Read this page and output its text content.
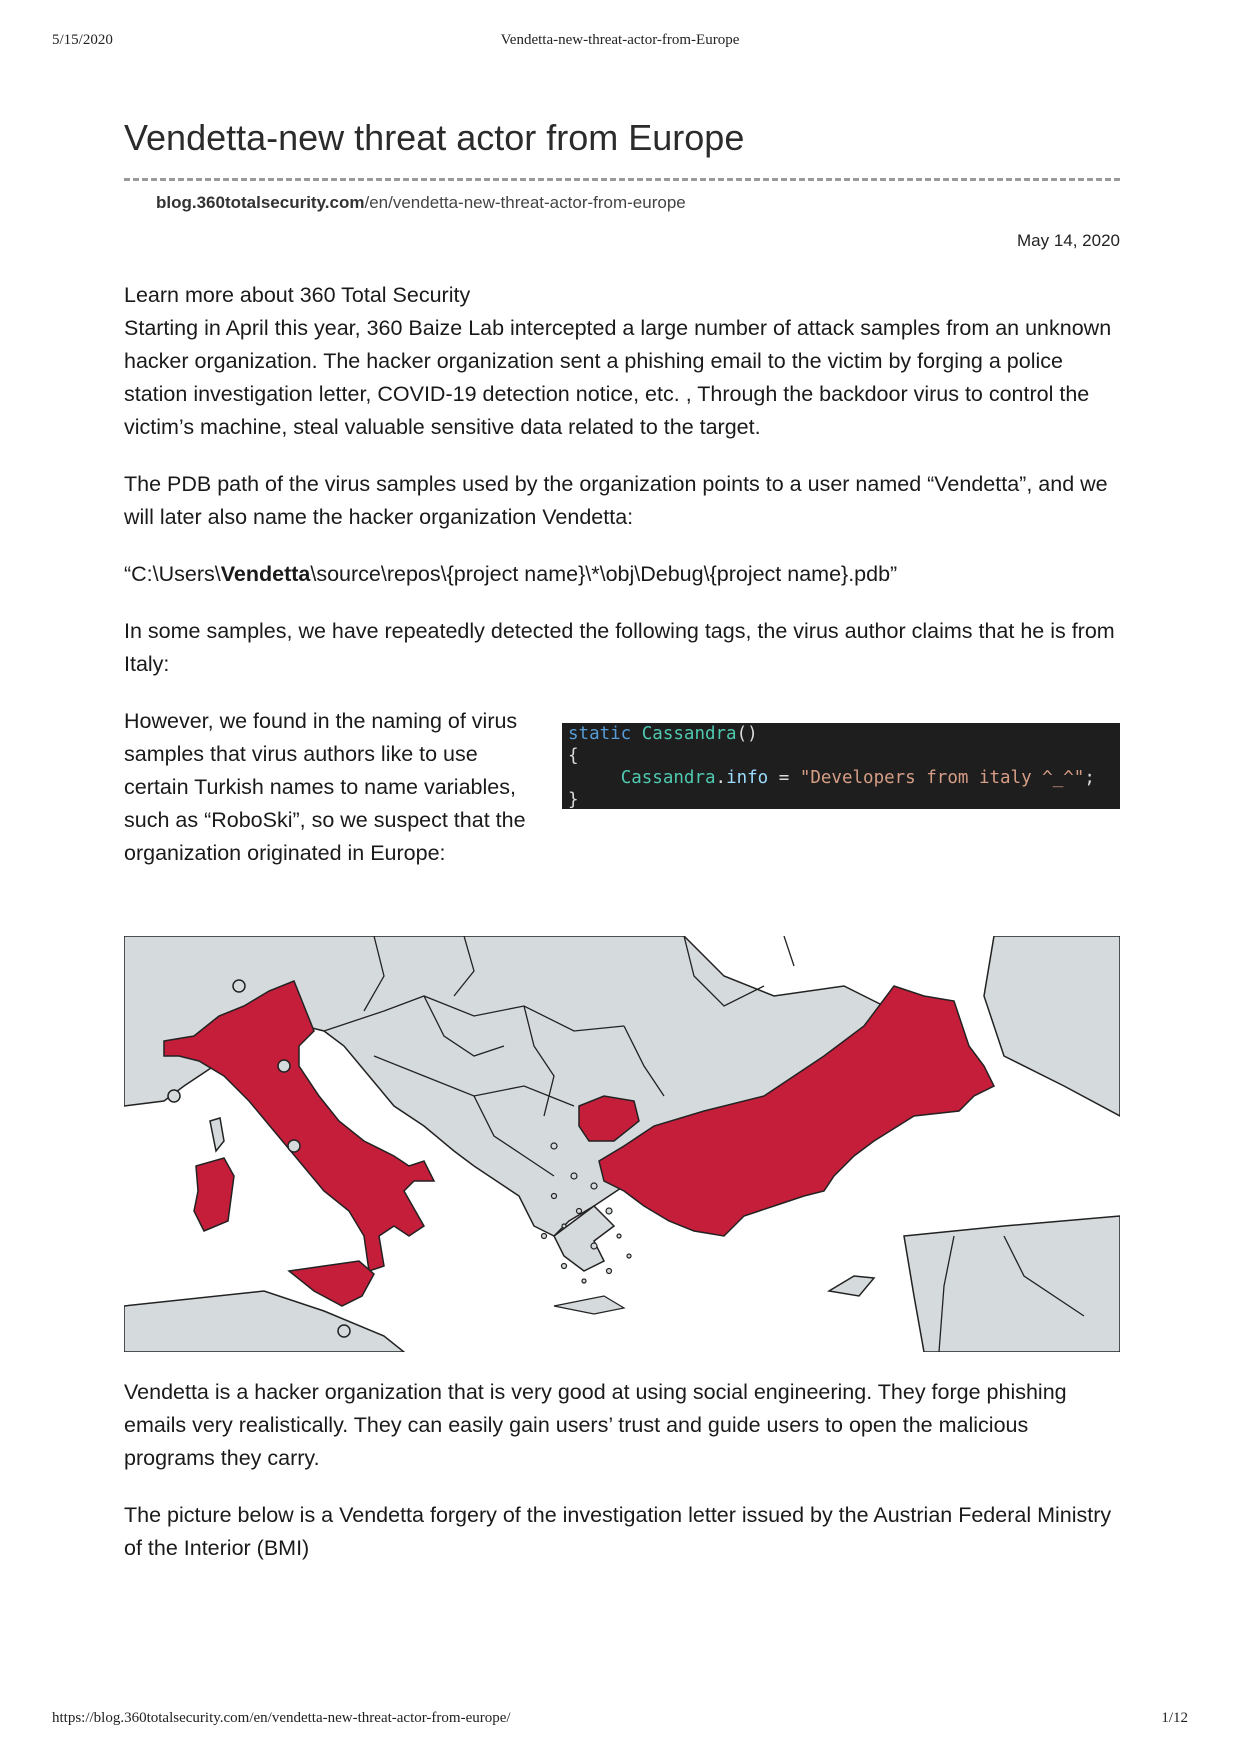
5/15/2020	Vendetta-new-threat-actor-from-Europe
Vendetta-new threat actor from Europe
blog.360totalsecurity.com/en/vendetta-new-threat-actor-from-europe
May 14, 2020

Learn more about 360 Total Security

Starting in April this year, 360 Baize Lab intercepted a large number of attack samples from an unknown hacker organization. The hacker organization sent a phishing email to the victim by forging a police station investigation letter, COVID-19 detection notice, etc. , Through the backdoor virus to control the victim’s machine, steal valuable sensitive data related to the target.

The PDB path of the virus samples used by the organization points to a user named “Vendetta”, and we will later also name the hacker organization Vendetta:

“C:\Users\Vendetta\source\repos\{project name}\*\obj\Debug\{project name}.pdb”

In some samples, we have repeatedly detected the following tags, the virus author claims that he is from Italy:

However, we found in the naming of virus samples that virus authors like to use certain Turkish names to name variables, such as “RoboSki”, so we suspect that the organization originated in Europe:

static Cassandra()
{
Cassandra.info = "Developers from italy ^_^";
}

Vendetta is a hacker organization that is very good at using social engineering. They forge phishing emails very realistically. They can easily gain users’ trust and guide users to open the malicious programs they carry.

The picture below is a Vendetta forgery of the investigation letter issued by the Austrian Federal Ministry of the Interior (BMI)

https://blog.360totalsecurity.com/en/vendetta-new-threat-actor-from-europe/	1/12
